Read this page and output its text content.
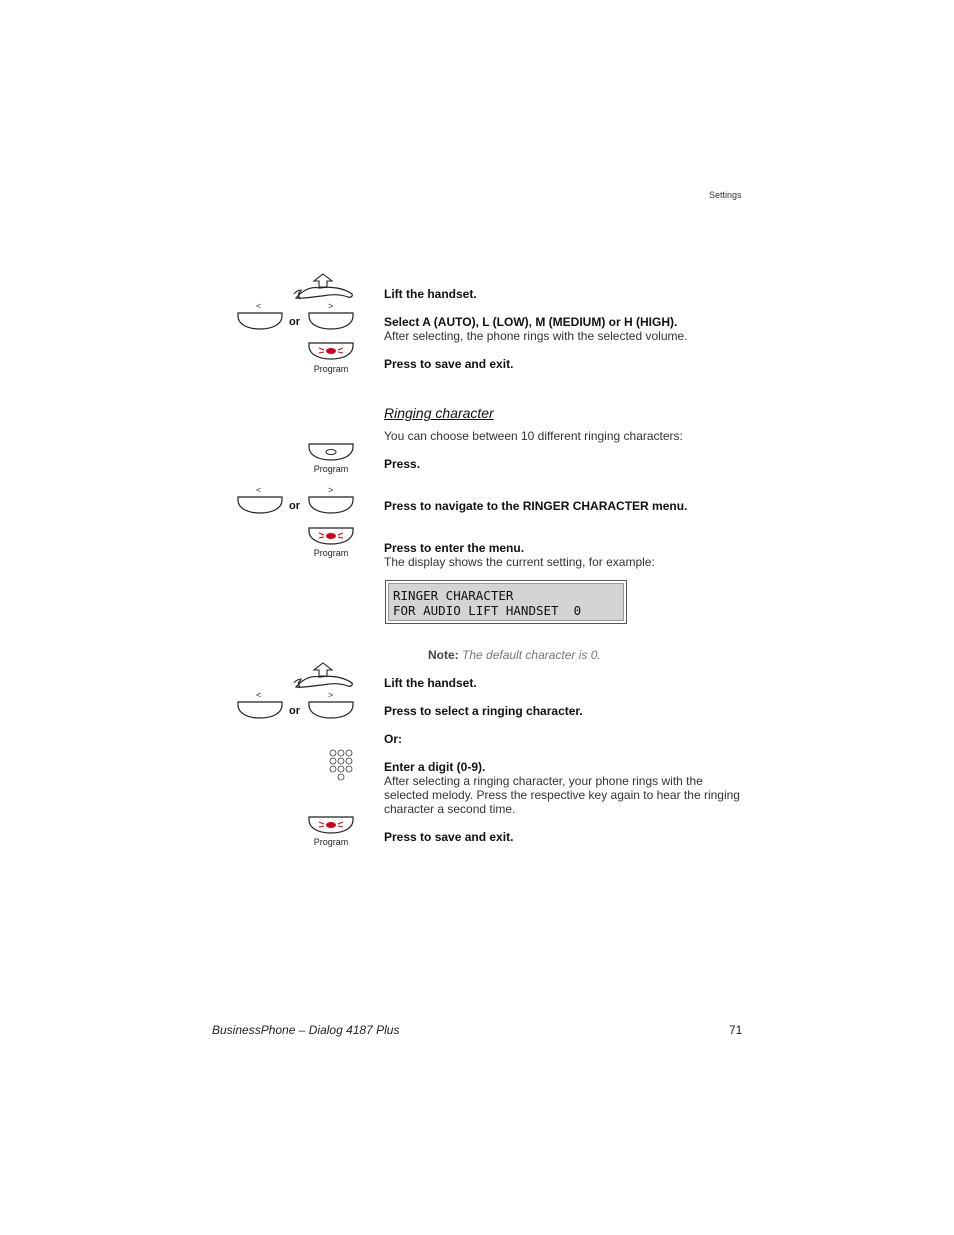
Settings
<	>
or
Program
Lift the handset.
Select A (AUTO), L (LOW), M (MEDIUM) or H (HIGH).
After selecting, the phone rings with the selected volume.
Press to save and exit.
Ringing character
You can choose between 10 different ringing characters:
Program	Press.
<	>
or	Press to navigate to the RINGER CHARACTER menu.
Program	Press to enter the menu.
The display shows the current setting, for example:
RINGER CHARACTER
FOR AUDIO LIFT HANDSET  0
Note: The default character is 0.
Lift the handset.
<	>
or	Press to select a ringing character.
Or:
Enter a digit (0-9).
After selecting a ringing character, your phone rings with the selected melody. Press the respective key again to hear the ringing character a second time.
Program	Press to save and exit.
BusinessPhone – Dialog 4187 Plus	71
